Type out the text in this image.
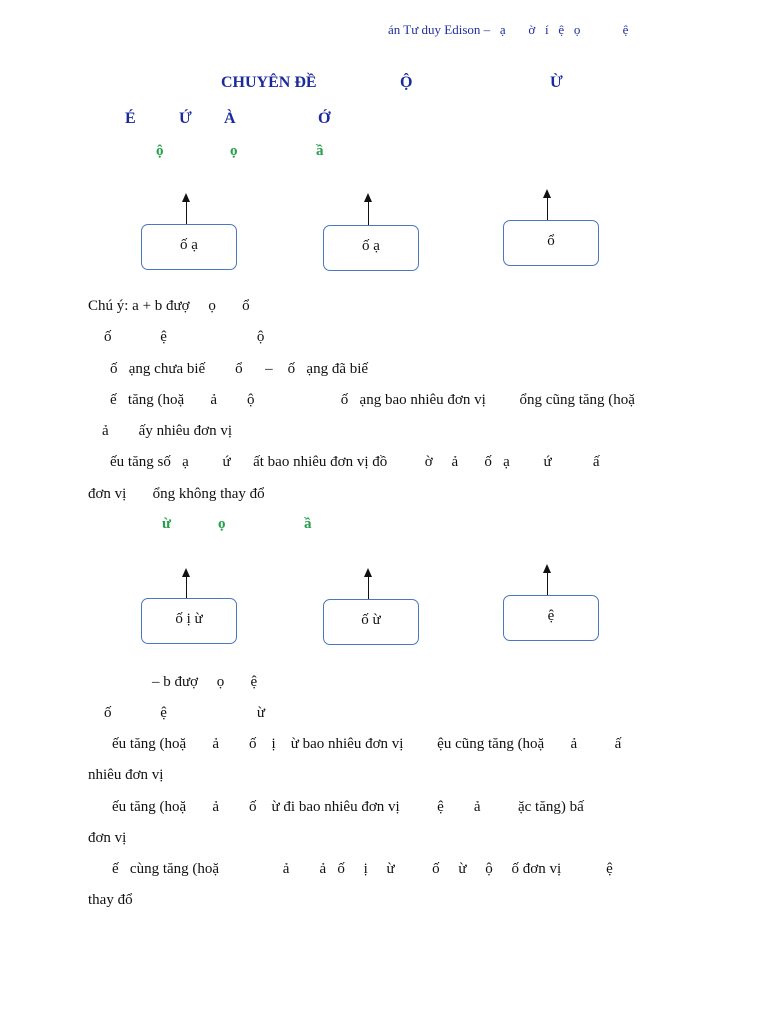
án Tư duy Edison –   ạ       ờ   í   ệ   ọ             ệ
CHUYÊN ĐỀ	Ộ	Ừ
É	Ứ À	Ớ
ộ	ọ	ầ
ố ạ	ố ạ	ổ
Chú ý: a + b đượ     ọ       ổ
ố             ệ                        ộ
ố   ạng chưa biế        ổ      –    ố   ạng đã biế
ế   tăng (hoặ       ả        ộ                       ố   ạng bao nhiêu đơn vị         ổng cũng tăng (hoặ
ả        ấy nhiêu đơn vị
ếu tăng số   ạ         ứ      ất bao nhiêu đơn vị đồ          ờ     ả       ố   ạ         ứ           ấ
đơn vị       ổng không thay đổ
ừ	ọ	ầ
ố ị ừ	ố ừ	ệ
– b đượ     ọ       ệ
ố             ệ                        ừ
ếu tăng (hoặ       ả        ố    ị    ừ bao nhiêu đơn vị         ệu cũng tăng (hoặ       ả          ấ
nhiêu đơn vị
ếu tăng (hoặ       ả        ố    ừ đi bao nhiêu đơn vị          ệ        ả          ặc tăng) bấ
đơn vị
ế   cùng tăng (hoặ                 ả        ả   ố     ị     ừ          ố     ừ     ộ     ố đơn vị            ệ
thay đổ
